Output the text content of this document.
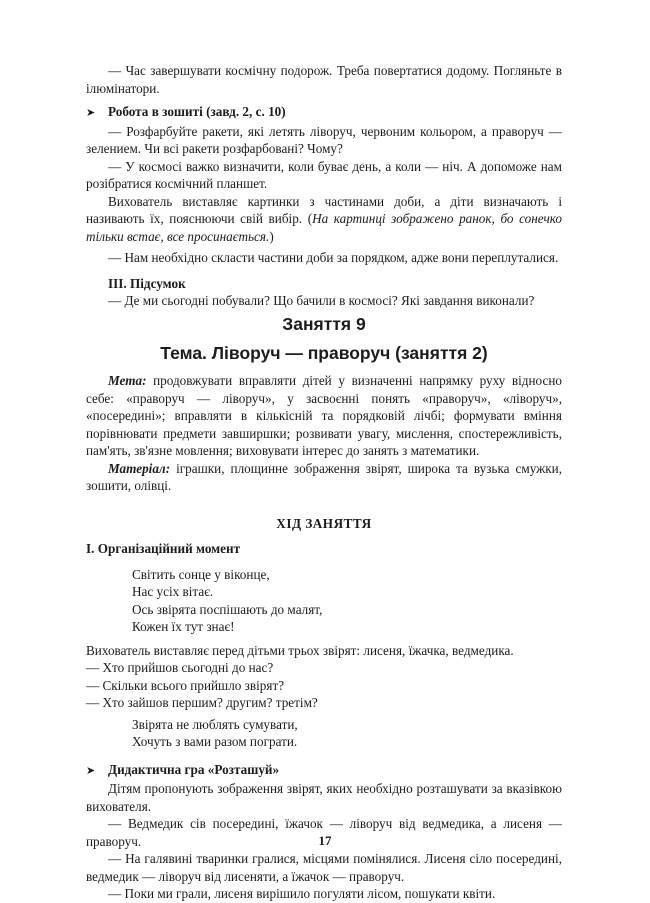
— Час завершувати космічну подорож. Треба повертатися додому. Погляньте в ілюмінатори.

➤ Робота в зошиті (завд. 2, с. 10)

— Розфарбуйте ракети, які летять ліворуч, червоним кольором, а праворуч — зелением. Чи всі ракети розфарбовані? Чому?

— У космосі важко визначити, коли буває день, а коли — ніч. А допоможе нам розібратися космічний планшет.

Вихователь виставляє картинки з частинами доби, а діти визначають і називають їх, пояснюючи свій вибір. (На картинці зображено ранок, бо сонечко тільки встає, все просинається.)

— Нам необхідно скласти частини доби за порядком, адже вони переплуталися.

III. Підсумок

— Де ми сьогодні побували? Що бачили в космосі? Які завдання виконали?

Заняття 9
Тема. Ліворуч — праворуч (заняття 2)

Мета: продовжувати вправляти дітей у визначенні напрямку руху відносно себе: «праворуч — ліворуч», у засвоєнні понять «праворуч», «ліворуч», «посередині»; вправляти в кількісній та порядковій лічбі; формувати вміння порівнювати предмети завширшки; розвивати увагу, мислення, спостережливість, пам'ять, зв'язне мовлення; виховувати інтерес до занять з математики.

Матеріал: іграшки, площинне зображення звірят, широка та вузька смужки, зошити, олівці.

ХІД ЗАНЯТТЯ

I. Організаційний момент

Світить сонце у віконце,
Нас усіх вітає.
Ось звірята поспішають до малят,
Кожен їх тут знає!

Вихователь виставляє перед дітьми трьох звірят: лисеня, їжачка, ведмедика.

— Хто прийшов сьогодні до нас?

— Скільки всього прийшло звірят?

— Хто зайшов першим? другим? третім?

Звірята не люблять сумувати,
Хочуть з вами разом пограти.
➤ Дидактична гра «Розташуй»

Дітям пропонують зображення звірят, яких необхідно розташувати за вказівкою вихователя.

— Ведмедик сів посередині, їжачок — ліворуч від ведмедика, а лисеня — праворуч.

— На галявині тваринки гралися, місцями помінялися. Лисеня сіло посередині, ведмедик — ліворуч від лисеняти, а їжачок — праворуч.

— Поки ми грали, лисеня вирішило погуляти лісом, пошукати квіти.

17
